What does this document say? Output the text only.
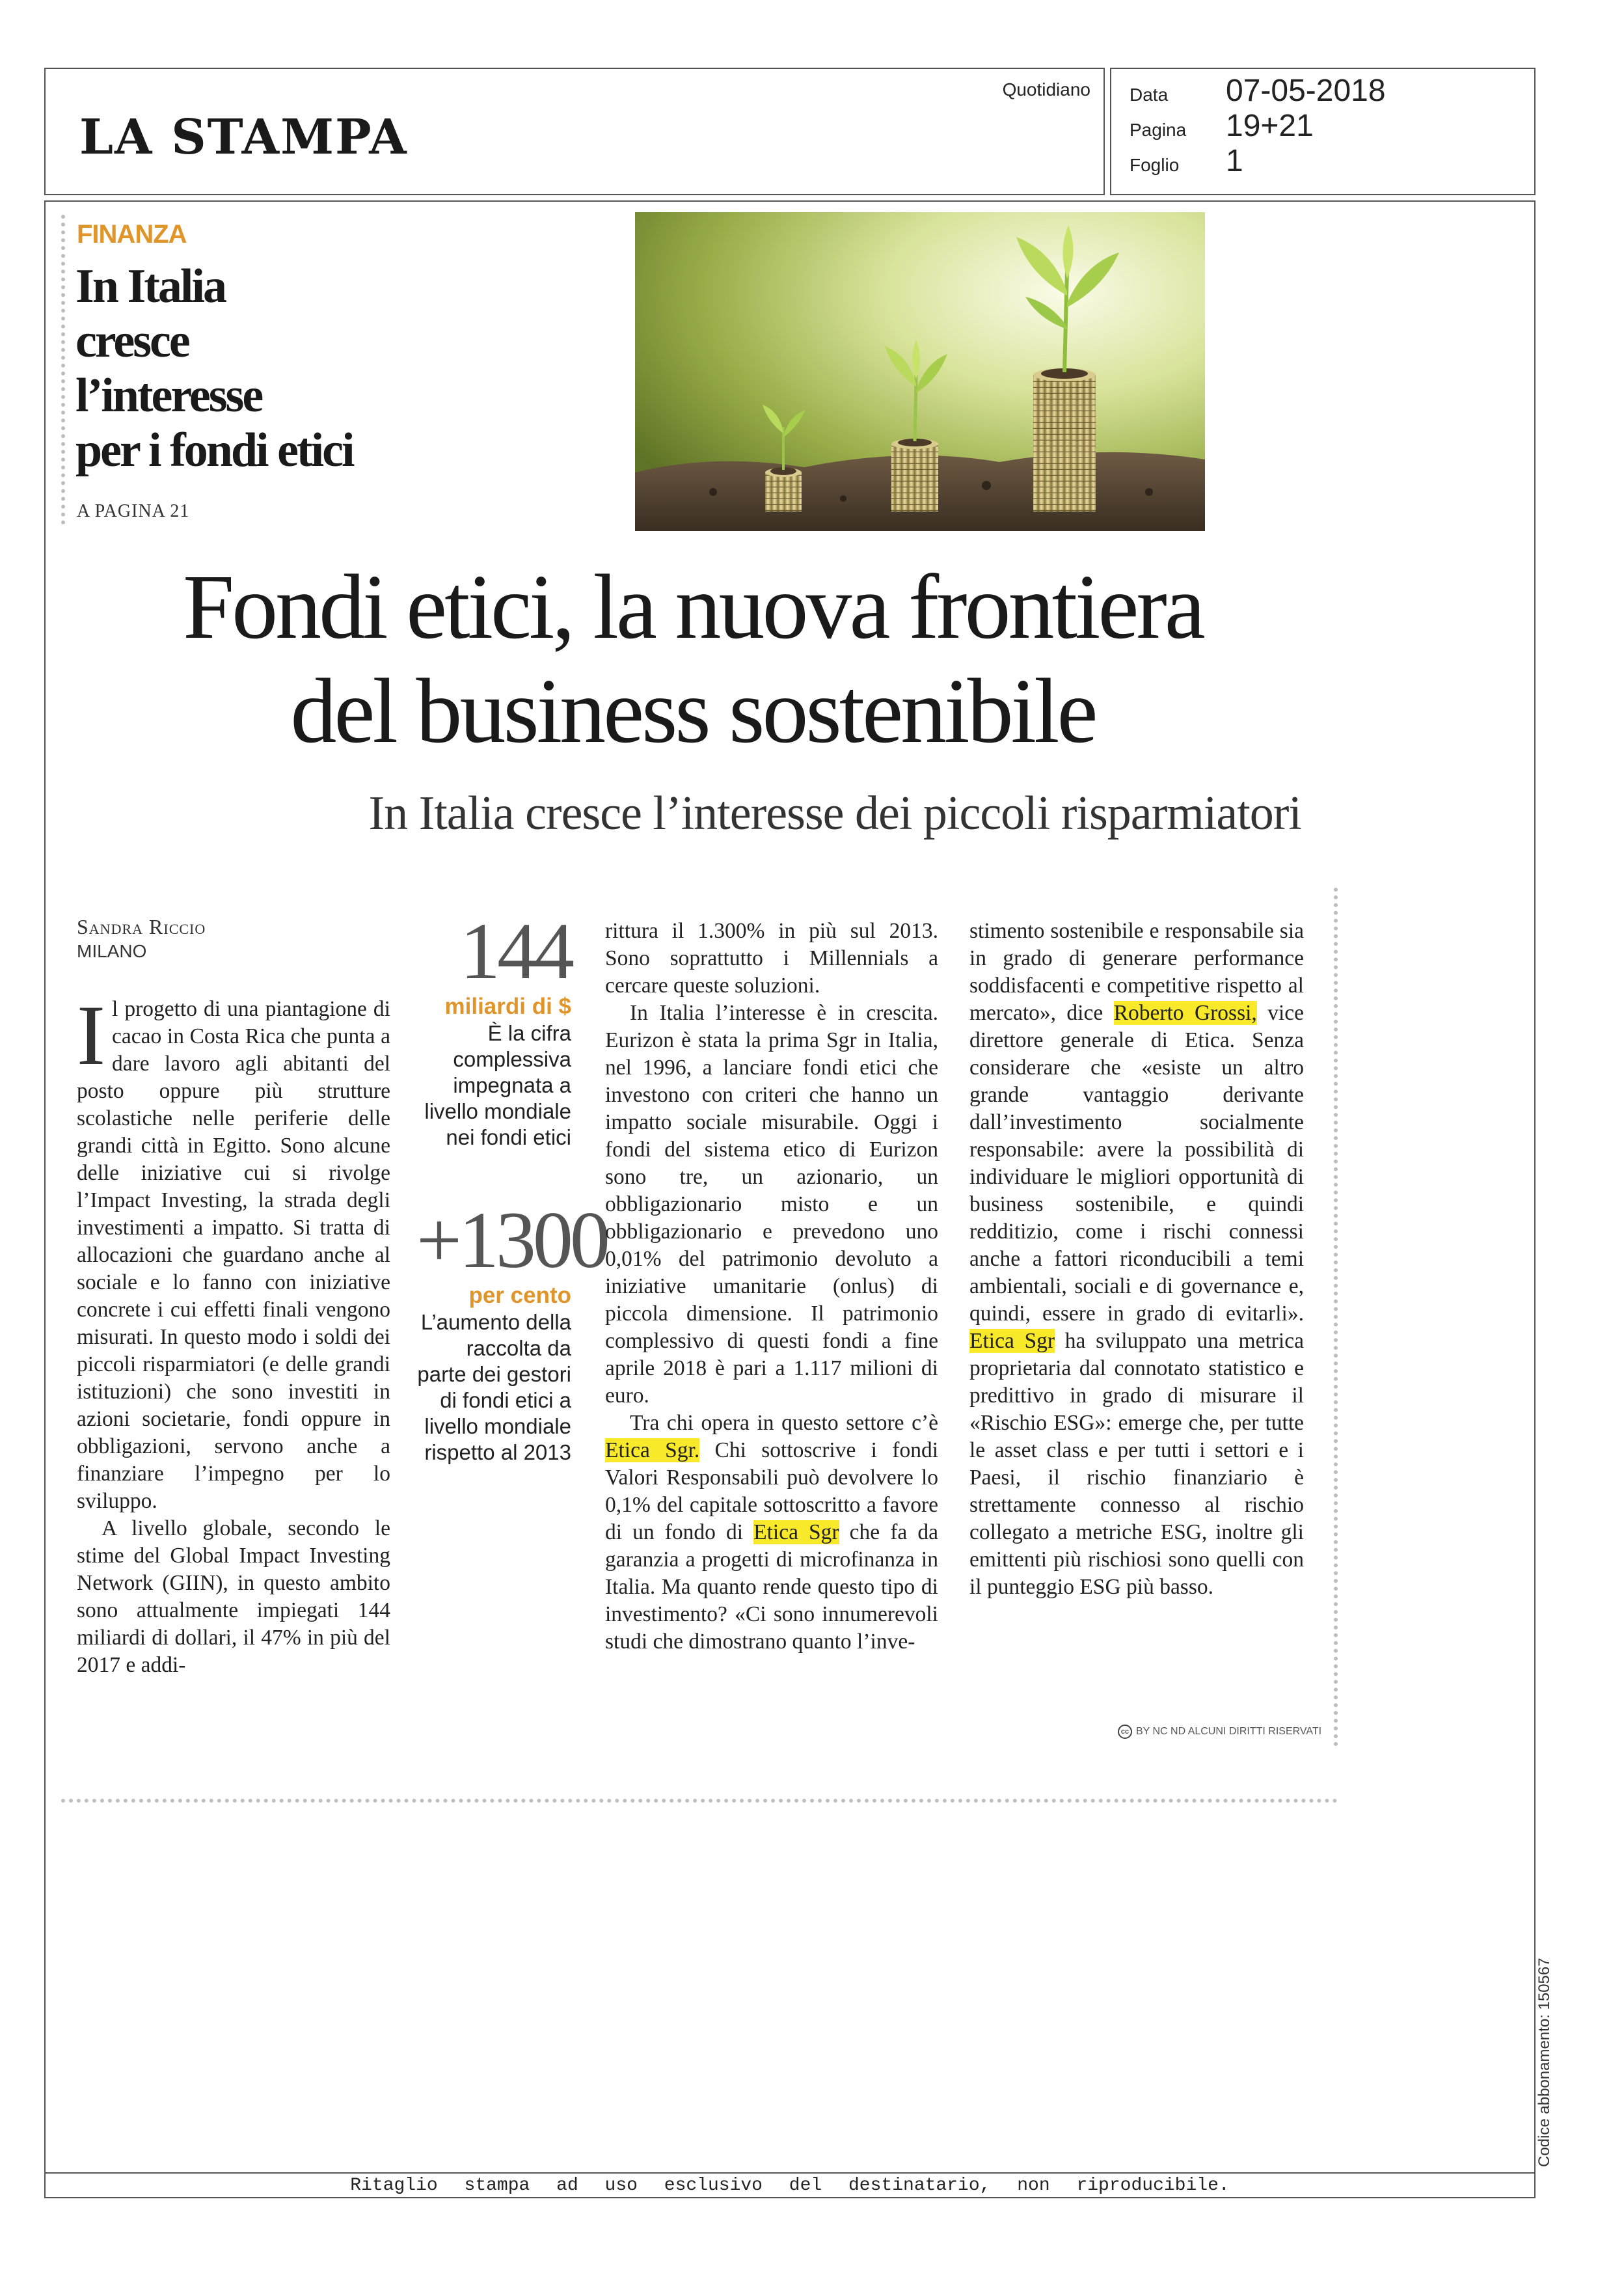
LA STAMPA
Quotidiano Data 07-05-2018
Pagina 19+21
Foglio 1
FINANZA
In Italia
cresce
l’interesse
per i fondi etici
A PAGINA 21
Fondi etici, la nuova frontiera
del business sostenibile
In Italia cresce l’interesse dei piccoli risparmiatori
Sandra Riccio
MILANO

Il progetto di una piantagione di cacao in Costa Rica che punta a dare lavoro agli abitanti del posto oppure più strutture scolastiche nelle periferie delle grandi città in Egitto. Sono alcune delle iniziative cui si rivolge l’Impact Investing, la strada degli investimenti a impatto. Si tratta di allocazioni che guardano anche al sociale e lo fanno con iniziative concrete i cui effetti finali vengono misurati. In questo modo i soldi dei piccoli risparmiatori (e delle grandi istituzioni) che sono investiti in azioni societarie, fondi oppure in obbligazioni, servono anche a finanziare l’impegno per lo sviluppo.

A livello globale, secondo le stime del Global Impact Investing Network (GIIN), in questo ambito sono attualmente impiegati 144 miliardi di dollari, il 47% in più del 2017 e addi-

144
miliardi di $
È la cifra complessiva impegnata a livello mondiale nei fondi etici
+1300
per cento
L’aumento della raccolta da parte dei gestori di fondi etici a livello mondiale rispetto al 2013

rittura il 1.300% in più sul 2013. Sono soprattutto i Millennials a cercare queste soluzioni.

In Italia l’interesse è in crescita. Eurizon è stata la prima Sgr in Italia, nel 1996, a lanciare fondi etici che investono con criteri che hanno un impatto sociale misurabile. Oggi i fondi del sistema etico di Eurizon sono tre, un azionario, un obbligazionario misto e un obbligazionario e prevedono uno 0,01% del patrimonio devoluto a iniziative umanitarie (onlus) di piccola dimensione. Il patrimonio complessivo di questi fondi a fine aprile 2018 è pari a 1.117 milioni di euro.

Tra chi opera in questo settore c’è Etica Sgr. Chi sottoscrive i fondi Valori Responsabili può devolvere lo 0,1% del capitale sottoscritto a favore di un fondo di Etica Sgr che fa da garanzia a progetti di microfinanza in Italia. Ma quanto rende questo tipo di investimento? «Ci sono innumerevoli studi che dimostrano quanto l’inve-

stimento sostenibile e responsabile sia in grado di generare performance soddisfacenti e competitive rispetto al mercato», dice Roberto Grossi, vice direttore generale di Etica. Senza considerare che «esiste un altro grande vantaggio derivante dall’investimento socialmente responsabile: avere la possibilità di individuare le migliori opportunità di business sostenibile, e quindi redditizio, come i rischi connessi anche a fattori riconducibili a temi ambientali, sociali e di governance e, quindi, essere in grado di evitarli». Etica Sgr ha sviluppato una metrica proprietaria dal connotato statistico e predittivo in grado di misurare il «Rischio ESG»: emerge che, per tutte le asset class e per tutti i settori e i Paesi, il rischio finanziario è strettamente connesso al rischio collegato a metriche ESG, inoltre gli emittenti più rischiosi sono quelli con il punteggio ESG più basso.

cc BY NC ND ALCUNI DIRITTI RISERVATI
Ritaglio stampa ad uso esclusivo del destinatario, non riproducibile.
Codice abbonamento: 150567
